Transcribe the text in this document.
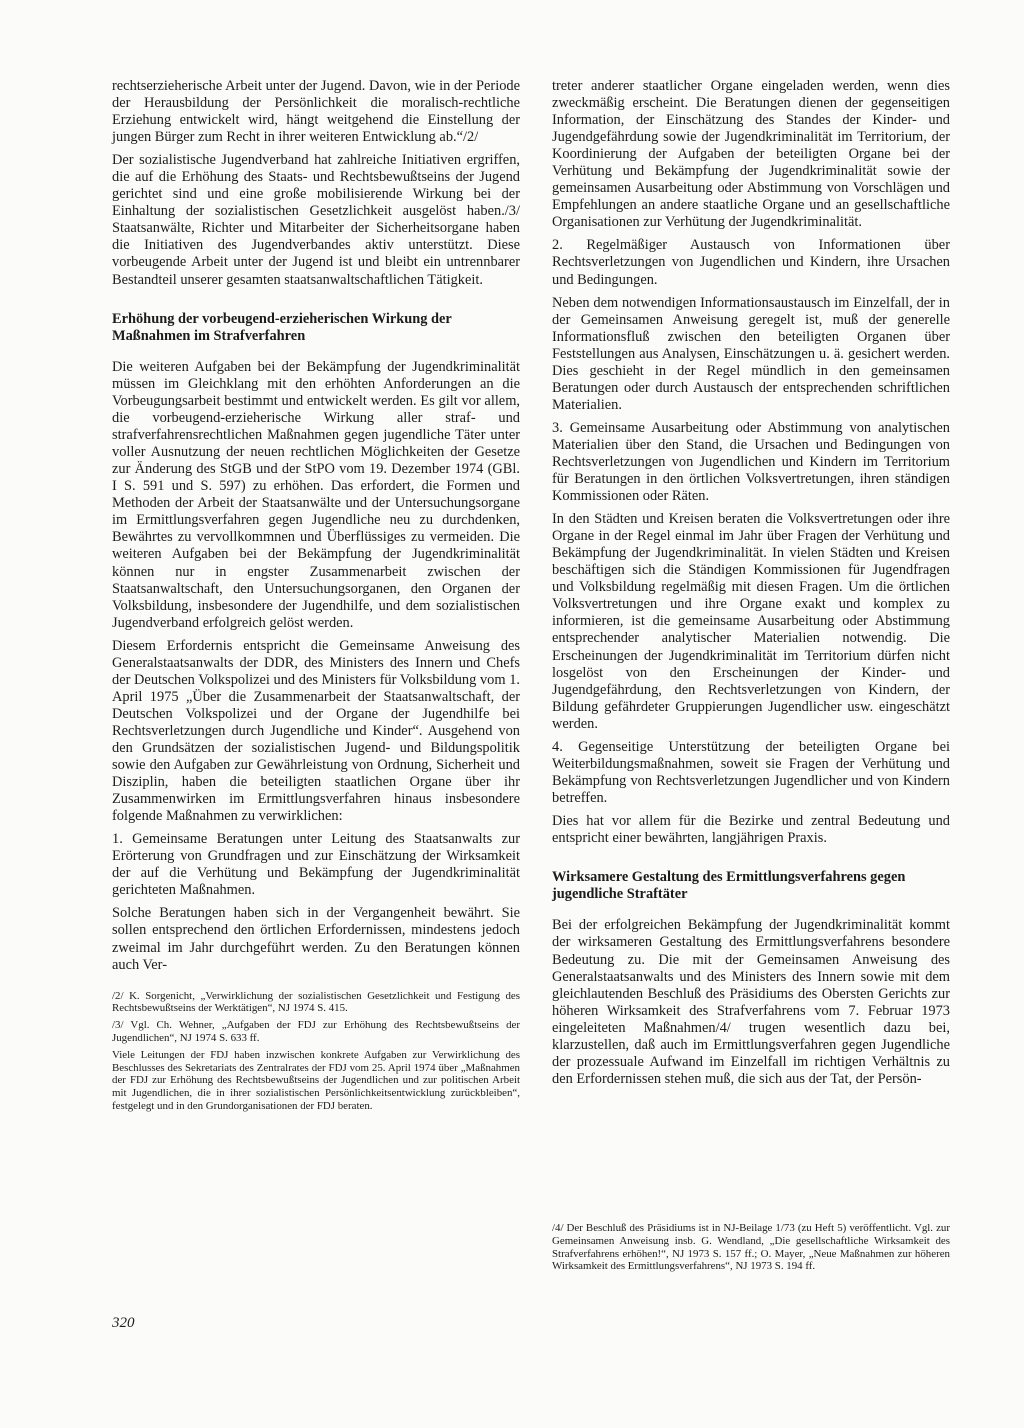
rechtserzieherische Arbeit unter der Jugend. Davon, wie in der Periode der Herausbildung der Persönlichkeit die moralisch-rechtliche Erziehung entwickelt wird, hängt weitgehend die Einstellung der jungen Bürger zum Recht in ihrer weiteren Entwicklung ab.“/2/

Der sozialistische Jugendverband hat zahlreiche Initiativen ergriffen, die auf die Erhöhung des Staats- und Rechtsbewußtseins der Jugend gerichtet sind und eine große mobilisierende Wirkung bei der Einhaltung der sozialistischen Gesetzlichkeit ausgelöst haben./3/ Staatsanwälte, Richter und Mitarbeiter der Sicherheitsorgane haben die Initiativen des Jugendverbandes aktiv unterstützt. Diese vorbeugende Arbeit unter der Jugend ist und bleibt ein untrennbarer Bestandteil unserer gesamten staatsanwaltschaftlichen Tätigkeit.

Erhöhung der vorbeugend-erzieherischen Wirkung der Maßnahmen im Strafverfahren

Die weiteren Aufgaben bei der Bekämpfung der Jugendkriminalität müssen im Gleichklang mit den erhöhten Anforderungen an die Vorbeugungsarbeit bestimmt und entwickelt werden. Es gilt vor allem, die vorbeugend-erzieherische Wirkung aller straf- und strafverfahrensrechtlichen Maßnahmen gegen jugendliche Täter unter voller Ausnutzung der neuen rechtlichen Möglichkeiten der Gesetze zur Änderung des StGB und der StPO vom 19. Dezember 1974 (GBl. I S. 591 und S. 597) zu erhöhen. Das erfordert, die Formen und Methoden der Arbeit der Staatsanwälte und der Untersuchungsorgane im Ermittlungsverfahren gegen Jugendliche neu zu durchdenken, Bewährtes zu vervollkommnen und Überflüssiges zu vermeiden. Die weiteren Aufgaben bei der Bekämpfung der Jugendkriminalität können nur in engster Zusammenarbeit zwischen der Staatsanwaltschaft, den Untersuchungsorganen, den Organen der Volksbildung, insbesondere der Jugendhilfe, und dem sozialistischen Jugendverband erfolgreich gelöst werden.

Diesem Erfordernis entspricht die Gemeinsame Anweisung des Generalstaatsanwalts der DDR, des Ministers des Innern und Chefs der Deutschen Volkspolizei und des Ministers für Volksbildung vom 1. April 1975 „Über die Zusammenarbeit der Staatsanwaltschaft, der Deutschen Volkspolizei und der Organe der Jugendhilfe bei Rechtsverletzungen durch Jugendliche und Kinder“. Ausgehend von den Grundsätzen der sozialistischen Jugend- und Bildungspolitik sowie den Aufgaben zur Gewährleistung von Ordnung, Sicherheit und Disziplin, haben die beteiligten staatlichen Organe über ihr Zusammenwirken im Ermittlungsverfahren hinaus insbesondere folgende Maßnahmen zu verwirklichen:

1. Gemeinsame Beratungen unter Leitung des Staatsanwalts zur Erörterung von Grundfragen und zur Einschätzung der Wirksamkeit der auf die Verhütung und Bekämpfung der Jugendkriminalität gerichteten Maßnahmen.

Solche Beratungen haben sich in der Vergangenheit bewährt. Sie sollen entsprechend den örtlichen Erfordernissen, mindestens jedoch zweimal im Jahr durchgeführt werden. Zu den Beratungen können auch Ver-

/2/ K. Sorgenicht, „Verwirklichung der sozialistischen Gesetzlichkeit und Festigung des Rechtsbewußtseins der Werktätigen“, NJ 1974 S. 415.

/3/ Vgl. Ch. Wehner, „Aufgaben der FDJ zur Erhöhung des Rechtsbewußtseins der Jugendlichen“, NJ 1974 S. 633 ff.

Viele Leitungen der FDJ haben inzwischen konkrete Aufgaben zur Verwirklichung des Beschlusses des Sekretariats des Zentralrates der FDJ vom 25. April 1974 über „Maßnahmen der FDJ zur Erhöhung des Rechtsbewußtseins der Jugendlichen und zur politischen Arbeit mit Jugendlichen, die in ihrer sozialistischen Persönlichkeitsentwicklung zurückbleiben“, festgelegt und in den Grundorganisationen der FDJ beraten.

treter anderer staatlicher Organe eingeladen werden, wenn dies zweckmäßig erscheint. Die Beratungen dienen der gegenseitigen Information, der Einschätzung des Standes der Kinder- und Jugendgefährdung sowie der Jugendkriminalität im Territorium, der Koordinierung der Aufgaben der beteiligten Organe bei der Verhütung und Bekämpfung der Jugendkriminalität sowie der gemeinsamen Ausarbeitung oder Abstimmung von Vorschlägen und Empfehlungen an andere staatliche Organe und an gesellschaftliche Organisationen zur Verhütung der Jugendkriminalität.

2. Regelmäßiger Austausch von Informationen über Rechtsverletzungen von Jugendlichen und Kindern, ihre Ursachen und Bedingungen.

Neben dem notwendigen Informationsaustausch im Einzelfall, der in der Gemeinsamen Anweisung geregelt ist, muß der generelle Informationsfluß zwischen den beteiligten Organen über Feststellungen aus Analysen, Einschätzungen u. ä. gesichert werden. Dies geschieht in der Regel mündlich in den gemeinsamen Beratungen oder durch Austausch der entsprechenden schriftlichen Materialien.

3. Gemeinsame Ausarbeitung oder Abstimmung von analytischen Materialien über den Stand, die Ursachen und Bedingungen von Rechtsverletzungen von Jugendlichen und Kindern im Territorium für Beratungen in den örtlichen Volksvertretungen, ihren ständigen Kommissionen oder Räten.

In den Städten und Kreisen beraten die Volksvertretungen oder ihre Organe in der Regel einmal im Jahr über Fragen der Verhütung und Bekämpfung der Jugendkriminalität. In vielen Städten und Kreisen beschäftigen sich die Ständigen Kommissionen für Jugendfragen und Volksbildung regelmäßig mit diesen Fragen. Um die örtlichen Volksvertretungen und ihre Organe exakt und komplex zu informieren, ist die gemeinsame Ausarbeitung oder Abstimmung entsprechender analytischer Materialien notwendig. Die Erscheinungen der Jugendkriminalität im Territorium dürfen nicht losgelöst von den Erscheinungen der Kinder- und Jugendgefährdung, den Rechtsverletzungen von Kindern, der Bildung gefährdeter Gruppierungen Jugendlicher usw. eingeschätzt werden.

4. Gegenseitige Unterstützung der beteiligten Organe bei Weiterbildungsmaßnahmen, soweit sie Fragen der Verhütung und Bekämpfung von Rechtsverletzungen Jugendlicher und von Kindern betreffen.

Dies hat vor allem für die Bezirke und zentral Bedeutung und entspricht einer bewährten, langjährigen Praxis.

Wirksamere Gestaltung des Ermittlungsverfahrens gegen jugendliche Straftäter

Bei der erfolgreichen Bekämpfung der Jugendkriminalität kommt der wirksameren Gestaltung des Ermittlungsverfahrens besondere Bedeutung zu. Die mit der Gemeinsamen Anweisung des Generalstaatsanwalts und des Ministers des Innern sowie mit dem gleichlautenden Beschluß des Präsidiums des Obersten Gerichts zur höheren Wirksamkeit des Strafverfahrens vom 7. Februar 1973 eingeleiteten Maßnahmen/4/ trugen wesentlich dazu bei, klarzustellen, daß auch im Ermittlungsverfahren gegen Jugendliche der prozessuale Aufwand im Einzelfall im richtigen Verhältnis zu den Erfordernissen stehen muß, die sich aus der Tat, der Persön-

/4/ Der Beschluß des Präsidiums ist in NJ-Beilage 1/73 (zu Heft 5) veröffentlicht. Vgl. zur Gemeinsamen Anweisung insb. G. Wendland, „Die gesellschaftliche Wirksamkeit des Strafverfahrens erhöhen!“, NJ 1973 S. 157 ff.; O. Mayer, „Neue Maßnahmen zur höheren Wirksamkeit des Ermittlungsverfahrens“, NJ 1973 S. 194 ff.

320
